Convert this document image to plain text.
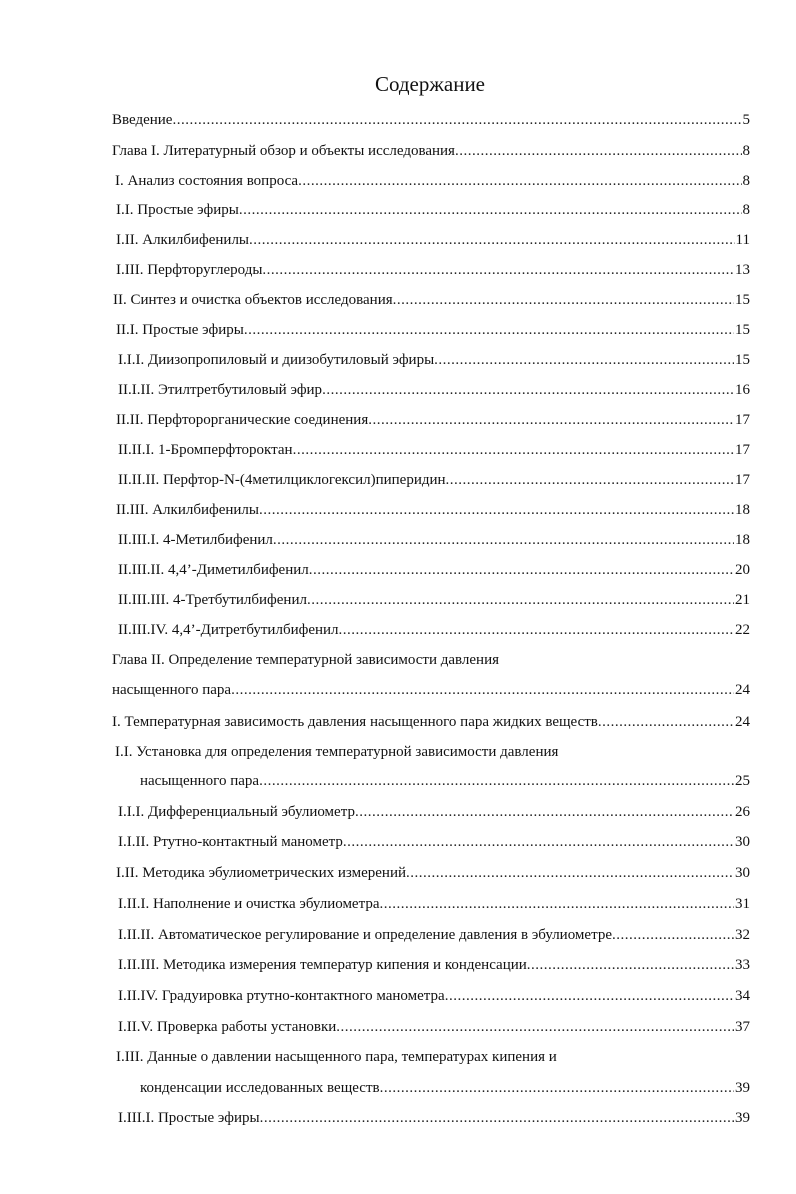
Содержание
Введение .....	5
Глава I. Литературный обзор и объекты исследования .....	8
I. Анализ состояния вопроса .....	8
I.I. Простые эфиры .....	8
I.II. Алкилбифенилы .....	11
I.III. Перфторуглероды .....	13
II. Синтез и очистка объектов исследования .....	15
II.I. Простые эфиры .....	15
I.I.I. Диизопропиловый и диизобутиловый эфиры .....	15
II.I.II. Этилтретбутиловый эфир .....	16
II.II. Перфторорганические соединения .....	17
II.II.I. 1-Бромперфтороктан .....	17
II.II.II. Перфтор-N-(4метилциклогексил)пиперидин .....	17
II.III. Алкилбифенилы .....	18
II.III.I. 4-Метилбифенил .....	18
II.III.II. 4,4’-Диметилбифенил .....	20
II.III.III. 4-Третбутилбифенил .....	21
II.III.IV. 4,4’-Дитретбутилбифенил .....	22
Глава II. Определение температурной зависимости давления
насыщенного пара .....	24
I. Температурная зависимость давления насыщенного пара жидких веществ .....	24
I.I. Установка для определения температурной зависимости давления
насыщенного пара .....	25
I.I.I. Дифференциальный эбулиометр .....	26
I.I.II. Ртутно-контактный манометр .....	30
I.II. Методика эбулиометрических измерений .....	30
I.II.I. Наполнение и очистка эбулиометра .....	31
I.II.II. Автоматическое регулирование и определение давления в эбулиометре .....	32
I.II.III. Методика измерения температур кипения и конденсации .....	33
I.II.IV. Градуировка ртутно-контактного манометра .....	34
I.II.V. Проверка работы установки .....	37
I.III. Данные о давлении насыщенного пара, температурах кипения и
конденсации исследованных веществ .....	39
I.III.I. Простые эфиры .....	39
